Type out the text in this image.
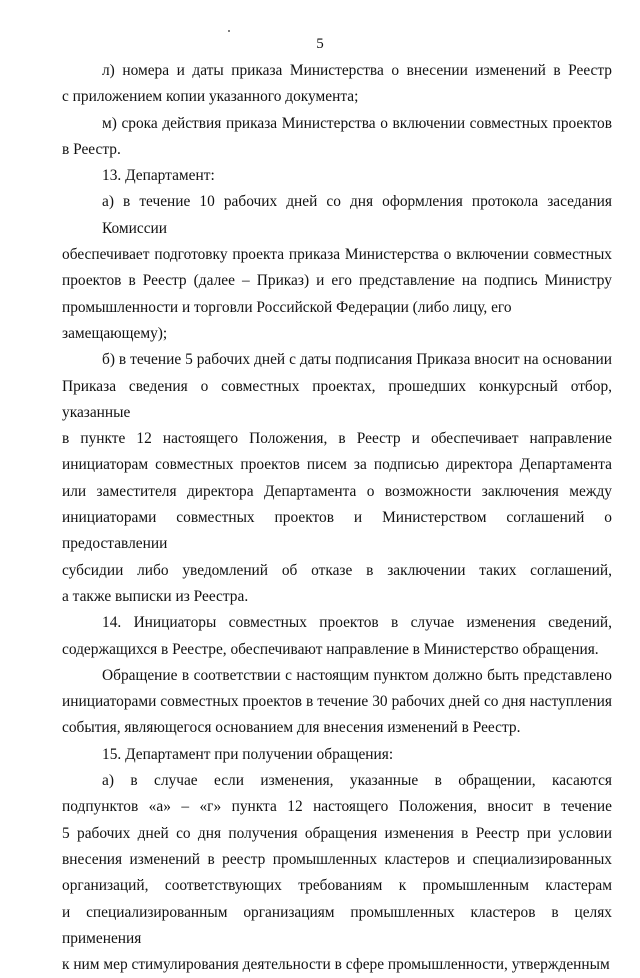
5
л) номера и даты приказа Министерства о внесении изменений в Реестр
с приложением копии указанного документа;
м) срока действия приказа Министерства о включении совместных проектов
в Реестр.
13. Департамент:
а) в течение 10 рабочих дней со дня оформления протокола заседания Комиссии
обеспечивает подготовку проекта приказа Министерства о включении совместных
проектов в Реестр (далее – Приказ) и его представление на подпись Министру
промышленности и торговли Российской Федерации (либо лицу, его замещающему);
б) в течение 5 рабочих дней с даты подписания Приказа вносит на основании
Приказа сведения о совместных проектах, прошедших конкурсный отбор, указанные
в пункте 12 настоящего Положения, в Реестр и обеспечивает направление
инициаторам совместных проектов писем за подписью директора Департамента
или заместителя директора Департамента о возможности заключения между
инициаторами совместных проектов и Министерством соглашений о предоставлении
субсидии либо уведомлений об отказе в заключении таких соглашений,
а также выписки из Реестра.
14. Инициаторы совместных проектов в случае изменения сведений,
содержащихся в Реестре, обеспечивают направление в Министерство обращения.
Обращение в соответствии с настоящим пунктом должно быть представлено
инициаторами совместных проектов в течение 30 рабочих дней со дня наступления
события, являющегося основанием для внесения изменений в Реестр.
15. Департамент при получении обращения:
а) в случае если изменения, указанные в обращении, касаются
подпунктов «а» – «г» пункта 12 настоящего Положения, вносит в течение
5 рабочих дней со дня получения обращения изменения в Реестр при условии
внесения изменений в реестр промышленных кластеров и специализированных
организаций, соответствующих требованиям к промышленным кластерам
и специализированным организациям промышленных кластеров в целях применения
к ним мер стимулирования деятельности в сфере промышленности, утвержденным
